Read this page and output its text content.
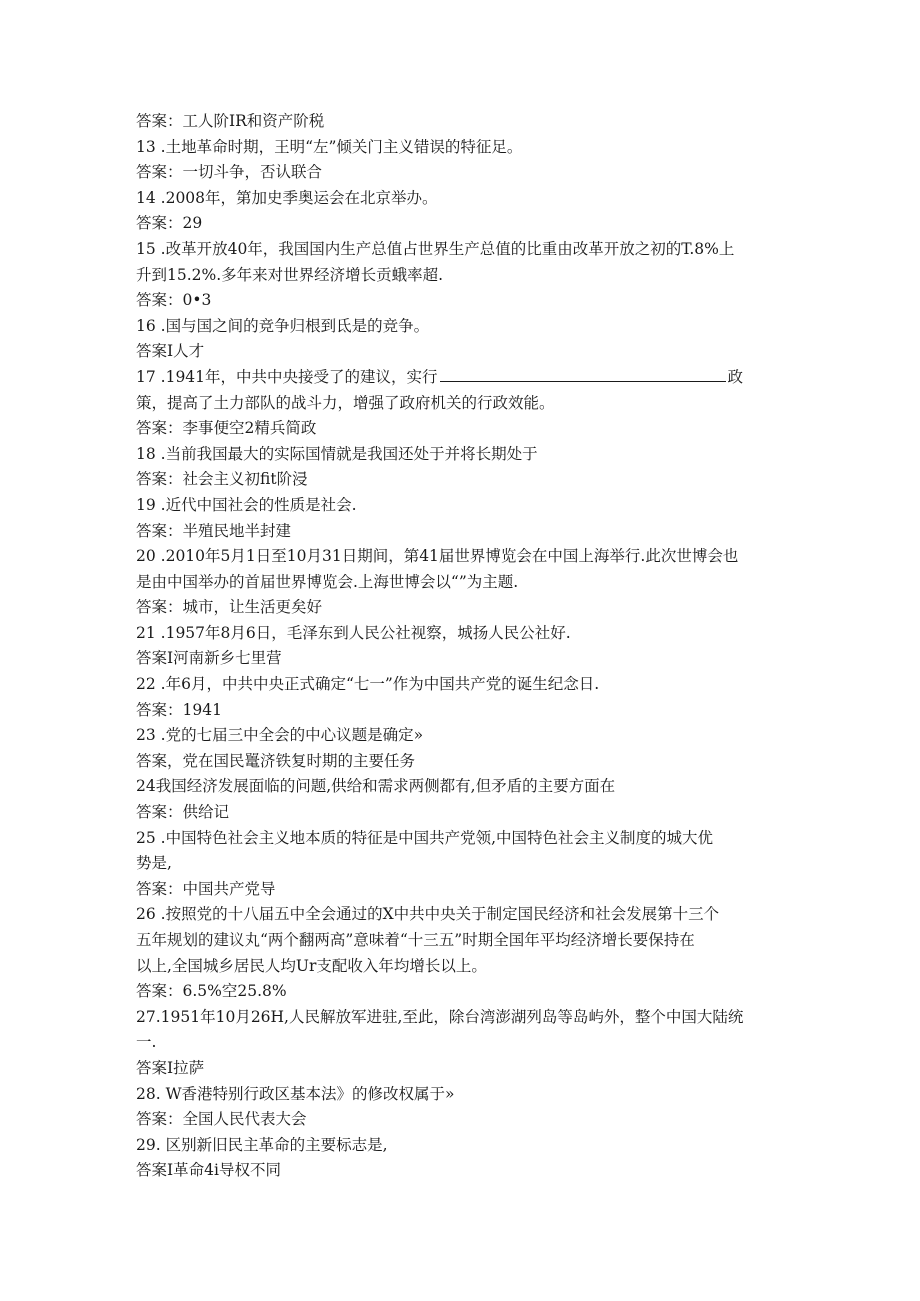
答案：工人阶IR和资产阶税
13 .土地革命时期，王明“左”倾关门主义错误的特征足。
答案：一切斗争，否认联合
14 .2008年，第加史季奥运会在北京举办。
答案：29
15 .改革开放40年，我国国内生产总值占世界生产总值的比重由改革开放之初的T.8%上
升到15.2%.多年来对世界经济增长贡蛾率超.
答案：0•3
16 .国与国之间的竞争归根到氐是的竞争。
答案I人才
17 .1941年，中共中央接受了的建议，实行	政
策，提高了土力部队的战斗力，增强了政府机关的行政效能。
答案：李事便空2精兵简政
18 .当前我国最大的实际国情就是我国还处于并将长期处于
答案：社会主义初fit阶浸
19 .近代中国社会的性质是社会.
答案：半殖民地半封建
20 .2010年5月1日至10月31日期间，第41届世界博览会在中国上海举行.此次世博会也
是由中国举办的首届世界博览会.上海世博会以“”为主题.
答案：城市，让生活更矣好
21 .1957年8月6日，毛泽东到人民公社视察，城扬人民公社好.
答案I河南新乡七里营
22 .年6月，中共中央正式确定“七一”作为中国共产党的诞生纪念日.
答案：1941
23 .党的七届三中全会的中心议题是确定»
答案，党在国民鼍济铁复时期的主要任务
24我国经济发展面临的问题,供给和需求两侧都有,但矛盾的主要方面在
答案：供给记
25 .中国特色社会主义地本质的特征是中国共产党领,中国特色社会主义制度的城大优
势是,
答案：中国共产党导
26 .按照党的十八届五中全会通过的X中共中央关于制定国民经济和社会发展第十三个
五年规划的建议丸“两个翻两高”意味着“十三五”时期全国年平均经济增长要保持在
以上,全国城乡居民人均Ur支配收入年均增长以上。
答案：6.5%空25.8%
27.1951年10月26H,人民解放军进驻,至此，除台湾澎湖列岛等岛屿外，整个中国大陆统
一.
答案I拉萨
28. W香港特别行政区基本法》的修改权属于»
答案：全国人民代表大会
29. 区别新旧民主革命的主要标志是,
答案I革命4i导权不同
